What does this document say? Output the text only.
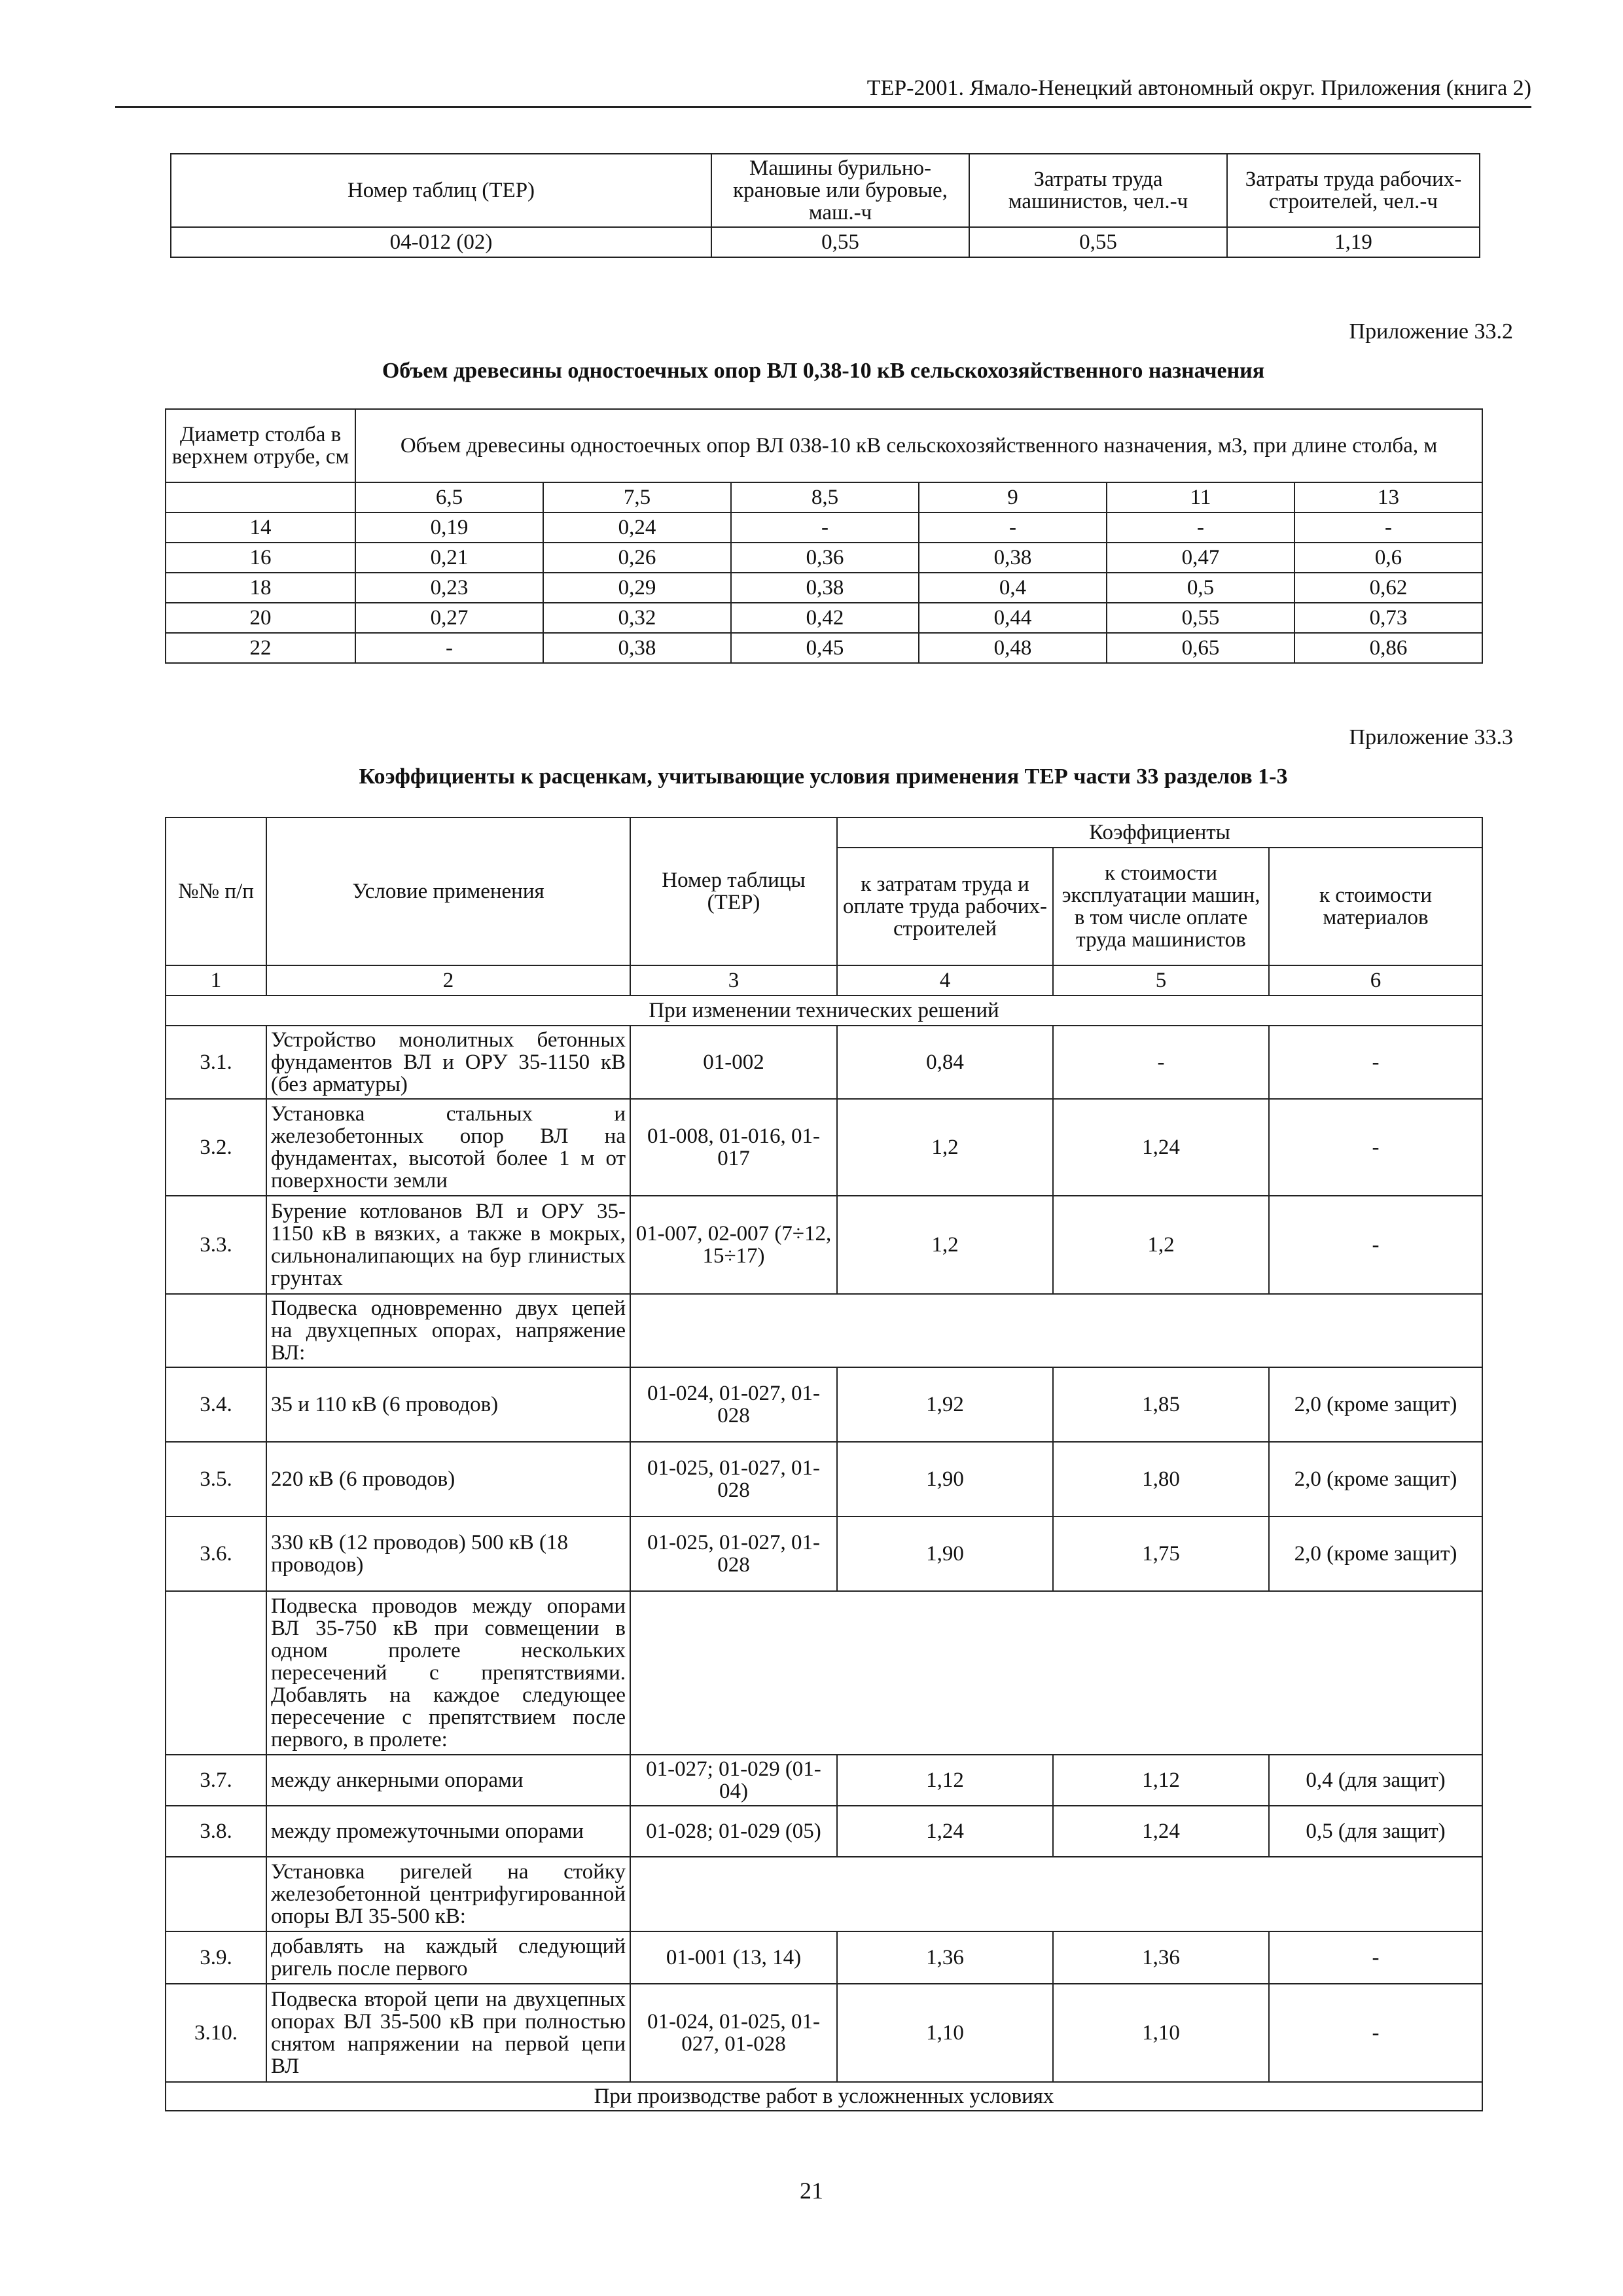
ТЕР-2001. Ямало-Ненецкий автономный округ. Приложения (книга 2)
Номер таблиц (ТЕР)	Машины бурильно-крановые или буровые, маш.-ч	Затраты труда машинистов, чел.-ч	Затраты труда рабочих-строителей, чел.-ч
04-012 (02)	0,55	0,55	1,19
Приложение 33.2
Объем древесины одностоечных опор ВЛ 0,38-10 кВ сельскохозяйственного назначения
Диаметр столба в верхнем отрубе, см	Объем древесины одностоечных опор ВЛ 038-10 кВ сельскохозяйственного назначения, м3, при длине столба, м					
	6,5	7,5	8,5	9	11	13
14	0,19	0,24	-	-	-	-
16	0,21	0,26	0,36	0,38	0,47	0,6
18	0,23	0,29	0,38	0,4	0,5	0,62
20	0,27	0,32	0,42	0,44	0,55	0,73
22	-	0,38	0,45	0,48	0,65	0,86
Приложение 33.3
Коэффициенты к расценкам, учитывающие условия применения ТЕР части 33 разделов 1-3
№№ п/п	Условие применения	Номер таблицы (ТЕР)	Коэффициенты		
			к затратам труда и оплате труда рабочих-строителей	к стоимости эксплуатации машин, в том числе оплате труда машинистов	к стоимости материалов
1	2	3	4	5	6
При изменении технических решений					
3.1.	Устройство монолитных бетонных фундаментов ВЛ и ОРУ 35-1150 кВ (без арматуры)	01-002	0,84	-	-
3.2.	Установка стальных и железобетонных опор ВЛ на фундаментах, высотой более 1 м от поверхности земли	01-008, 01-016, 01-017	1,2	1,24	-
3.3.	Бурение котлованов ВЛ и ОРУ 35-1150 кВ в вязких, а также в мокрых, сильноналипающих на бур глинистых грунтах	01-007, 02-007 (7÷12, 15÷17)	1,2	1,2	-
	Подвеска одновременно двух цепей на двухцепных опорах, напряжение ВЛ:				
3.4.	35 и 110 кВ (6 проводов)	01-024, 01-027, 01-028	1,92	1,85	2,0 (кроме защит)
3.5.	220 кВ (6 проводов)	01-025, 01-027, 01-028	1,90	1,80	2,0 (кроме защит)
3.6.	330 кВ (12 проводов) 500 кВ (18 проводов)	01-025, 01-027, 01-028	1,90	1,75	2,0 (кроме защит)
	Подвеска проводов между опорами ВЛ 35-750 кВ при совмещении в одном пролете нескольких пересечений с препятствиями. Добавлять на каждое следующее пересечение с препятствием после первого, в пролете:				
3.7.	между анкерными опорами	01-027; 01-029 (01-04)	1,12	1,12	0,4 (для защит)
3.8.	между промежуточными опорами	01-028; 01-029 (05)	1,24	1,24	0,5 (для защит)
	Установка ригелей на стойку железобетонной центрифугированной опоры ВЛ 35-500 кВ:				
3.9.	добавлять на каждый следующий ригель после первого	01-001 (13, 14)	1,36	1,36	-
3.10.	Подвеска второй цепи на двухцепных опорах ВЛ 35-500 кВ при полностью снятом напряжении на первой цепи ВЛ	01-024, 01-025, 01-027, 01-028	1,10	1,10	-
При производстве работ в усложненных условиях					
21
